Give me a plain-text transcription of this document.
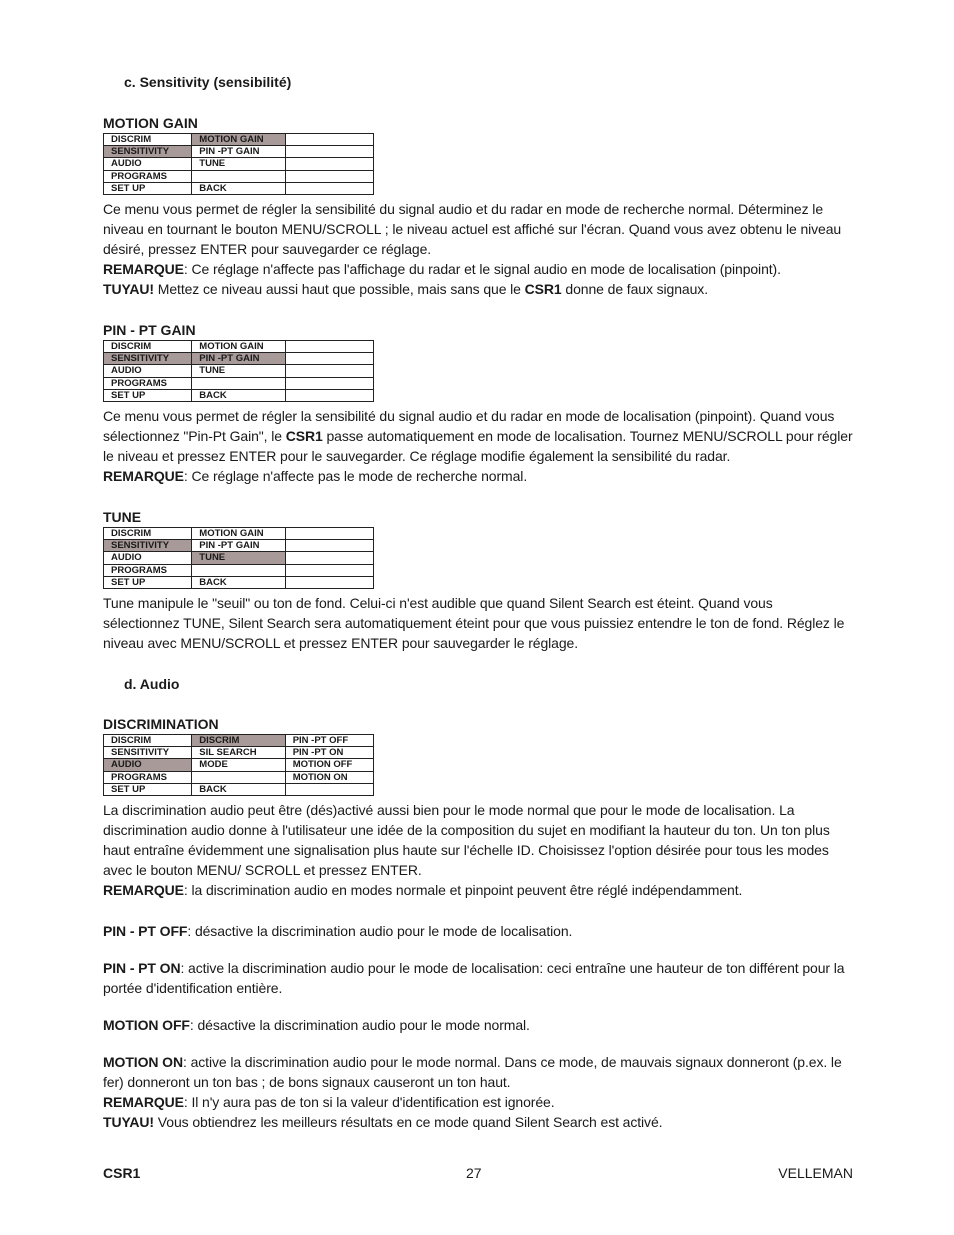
c. Sensitivity (sensibilité)
MOTION GAIN
DISCRIM	MOTION GAIN	
SENSITIVITY	PIN -PT GAIN	
AUDIO	TUNE	
PROGRAMS		
SET UP	BACK	
Ce menu vous permet de régler la sensibilité du signal audio et du radar en mode de recherche normal. Déterminez le niveau en tournant le bouton MENU/SCROLL ; le niveau actuel est affiché sur l'écran. Quand vous avez obtenu le niveau désiré, pressez ENTER pour sauvegarder ce réglage.
REMARQUE: Ce réglage n'affecte pas l'affichage du radar et le signal audio en mode de localisation (pinpoint).
TUYAU! Mettez ce niveau aussi haut que possible, mais sans que le CSR1 donne de faux signaux.
PIN - PT GAIN
DISCRIM	MOTION GAIN	
SENSITIVITY	PIN -PT GAIN	
AUDIO	TUNE	
PROGRAMS		
SET UP	BACK	
Ce menu vous permet de régler la sensibilité du signal audio et du radar en mode de localisation (pinpoint). Quand vous sélectionnez "Pin-Pt Gain", le CSR1 passe automatiquement en mode de localisation. Tournez MENU/SCROLL pour régler le niveau et pressez ENTER pour le sauvegarder. Ce réglage modifie également la sensibilité du radar.
REMARQUE: Ce réglage n'affecte pas le mode de recherche normal.
TUNE
DISCRIM	MOTION GAIN	
SENSITIVITY	PIN -PT GAIN	
AUDIO	TUNE	
PROGRAMS		
SET UP	BACK	
Tune manipule le "seuil" ou ton de fond. Celui-ci n'est audible que quand Silent Search est éteint. Quand vous sélectionnez TUNE, Silent Search sera automatiquement éteint pour que vous puissiez entendre le ton de fond. Réglez le niveau avec MENU/SCROLL et pressez ENTER pour sauvegarder le réglage.
d. Audio
DISCRIMINATION
DISCRIM	DISCRIM	PIN -PT OFF
SENSITIVITY	SIL SEARCH	PIN -PT ON
AUDIO	MODE	MOTION OFF
PROGRAMS		MOTION ON
SET UP	BACK	
La discrimination audio peut être (dés)activé aussi bien pour le mode normal que pour le mode de localisation. La discrimination audio donne à l'utilisateur une idée de la composition du sujet en modifiant la hauteur du ton. Un ton plus haut entraîne évidemment une signalisation plus haute sur l'échelle ID. Choisissez l'option désirée pour tous les modes avec le bouton MENU/ SCROLL et pressez ENTER.
REMARQUE: la discrimination audio en modes normale et pinpoint peuvent être réglé indépendamment.
PIN - PT OFF: désactive la discrimination audio pour le mode de localisation.
PIN - PT ON: active la discrimination audio pour le mode de localisation: ceci entraîne une hauteur de ton différent pour la portée d'identification entière.
MOTION OFF: désactive la discrimination audio pour le mode normal.
MOTION ON: active la discrimination audio pour le mode normal. Dans ce mode, de mauvais signaux donneront (p.ex. le fer) donneront un ton bas ; de bons signaux causeront un ton haut.
REMARQUE: Il n'y aura pas de ton si la valeur d'identification est ignorée.
TUYAU! Vous obtiendrez les meilleurs résultats en ce mode quand Silent Search est activé.
CSR1	27	VELLEMAN
